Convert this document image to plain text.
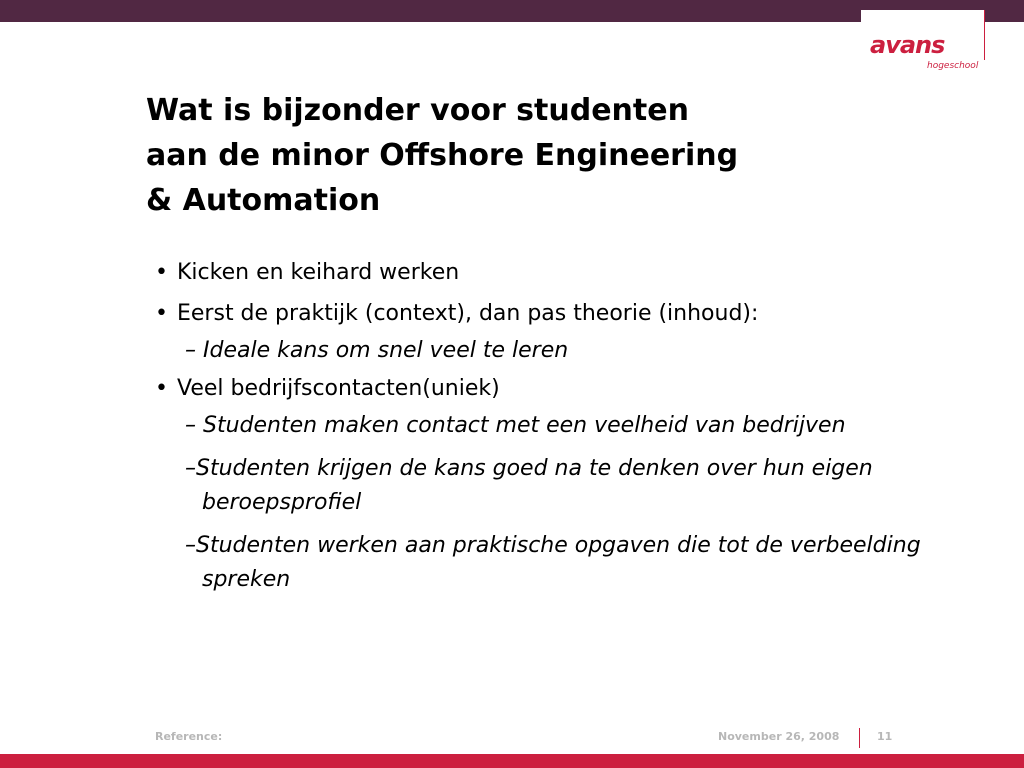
avans
hogeschool
Wat is bijzonder voor studenten
aan de minor Offshore Engineering
& Automation
• Kicken en keihard werken
• Eerst de praktijk (context), dan pas theorie (inhoud):
– Ideale kans om snel veel te leren
• Veel bedrijfscontacten(uniek)
– Studenten maken contact met een veelheid van bedrijven
–Studenten krijgen de kans goed na te denken over hun eigen beroepsprofiel
–Studenten werken aan praktische opgaven die tot de verbeelding spreken
Reference:	November 26, 2008	11
